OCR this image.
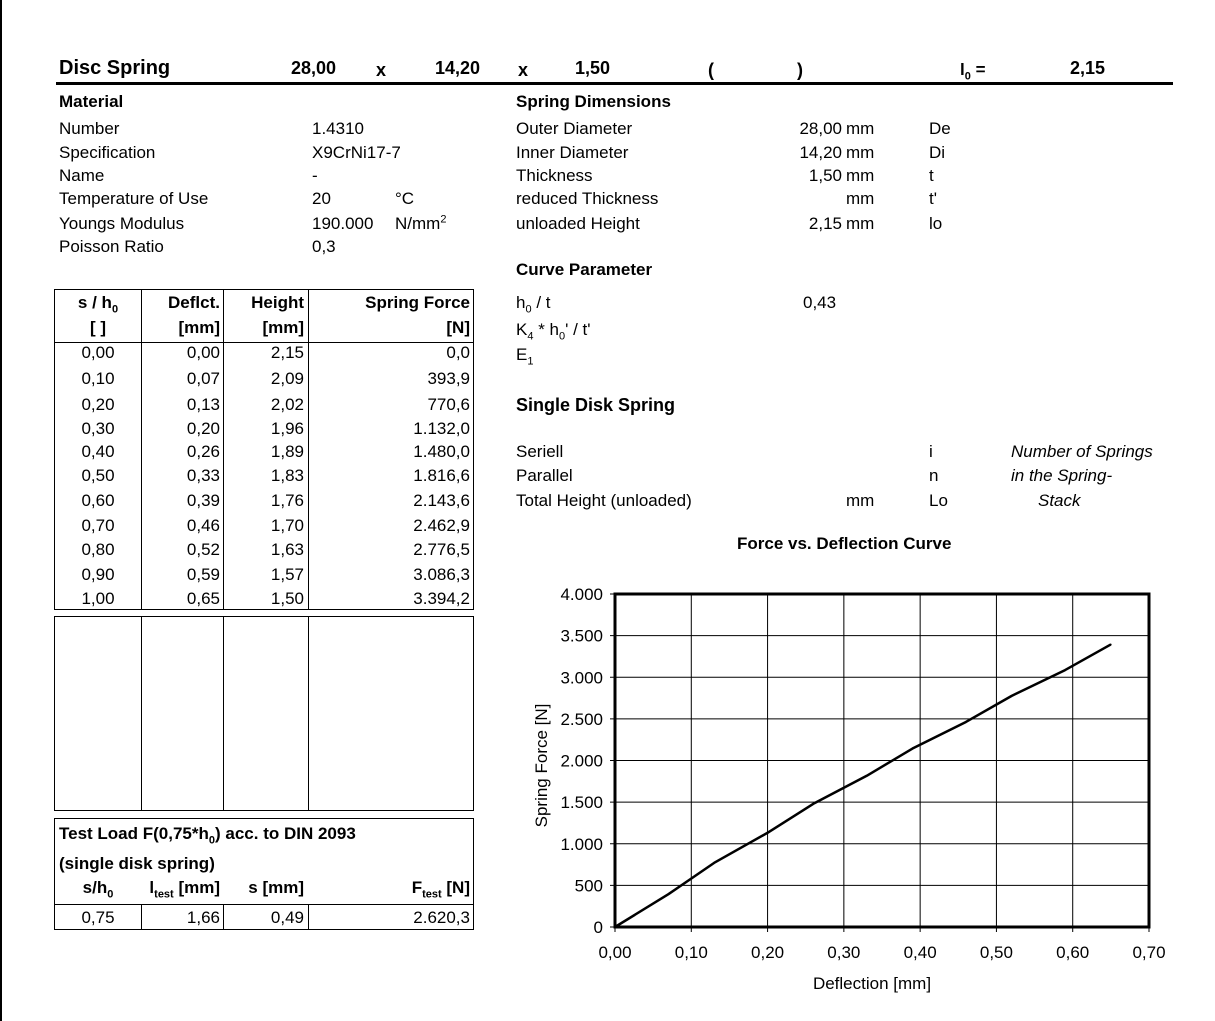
Disc Spring	28,00 x	14,20 x	1,50	(	)	$l_0$ =	2,15
Material
Number	1.4310
Specification	X9CrNi17-7
Name	-
Temperature of Use	20	°C
Youngs Modulus	190.000 $N/mm^2$
Poisson Ratio	0,3
Spring Dimensions
Outer Diameter	28,00 mm	De
Inner Diameter	14,20 mm	Di
Thickness	1,50 mm	t
reduced Thickness	mm	t'
unloaded Height	2,15 mm	lo
Curve Parameter
$h_0$ / t	0,43
$K_4 * h_0'$ / t'
$E_1$
Single Disk Spring
Seriell	i	Number of Springs
Parallel	n	in the Spring-
Total Height (unloaded)	mm	Lo	Stack
s / $h_0$	Deflct.	Height	Spring Force
[ ]	[mm]	[mm]	[N]
0,00	0,00	2,15	0,0
0,10	0,07	2,09	393,9
0,20	0,13	2,02	770,6
0,30	0,20	1,96	1.132,0
0,40	0,26	1,89	1.480,0
0,50	0,33	1,83	1.816,6
0,60	0,39	1,76	2.143,6
0,70	0,46	1,70	2.462,9
0,80	0,52	1,63	2.776,5
0,90	0,59	1,57	3.086,3
1,00	0,65	1,50	3.394,2
Test Load $F(0,75*h_0)$ acc. to DIN 2093
(single disk spring)
$s/h_0$	$l_{test}$ [mm]	s [mm]	$F_{test}$ [N]
0,75	1,66	0,49	2.620,3
Force vs. Deflection Curve
0,00	0,10	0,20	0,30	0,40	0,50	0,60	0,70
0
500
1.000
1.500
2.000
2.500
3.000
3.500
4.000
Deflection [mm]
Spring Force [N]
